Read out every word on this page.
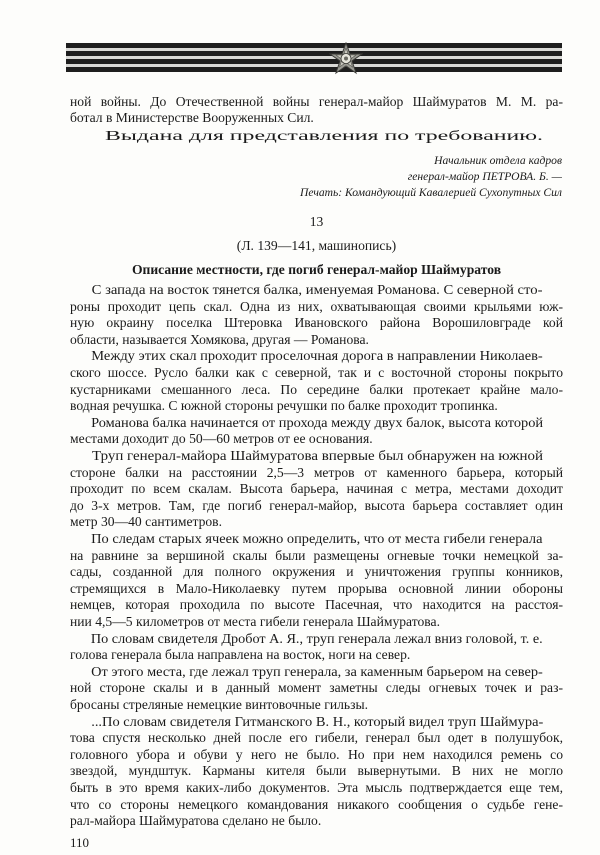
ной войны. До Отечественной войны генерал-майор Шаймуратов М. М. ра-
ботал в Министерстве Вооруженных Сил.
Выдана для представления по требованию.
Начальник отдела кадров
генерал-майор ПЕТРОВА. Б. —
Печать: Командующий Кавалерией Сухопутных Сил
13
(Л. 139—141, машинопись)
Описание местности, где погиб генерал-майор Шаймуратов
С запада на восток тянется балка, именуемая Романова. С северной сто-
роны проходит цепь скал. Одна из них, охватывающая своими крыльями юж-
ную окраину поселка Штеровка Ивановского района Ворошиловграде кой
области, называется Хомякова, другая — Романова.
Между этих скал проходит проселочная дорога в направлении Николаев-
ского шоссе. Русло балки как с северной, так и с восточной стороны покрыто
кустарниками смешанного леса. По середине балки протекает крайне мало-
водная речушка. С южной стороны речушки по балке проходит тропинка.
Романова балка начинается от прохода между двух балок, высота которой
местами доходит до 50—60 метров от ее основания.
Труп генерал-майора Шаймуратова впервые был обнаружен на южной
стороне балки на расстоянии 2,5—3 метров от каменного барьера, который
проходит по всем скалам. Высота барьера, начиная с метра, местами доходит
до 3-х метров. Там, где погиб генерал-майор, высота барьера составляет один
метр 30—40 сантиметров.
По следам старых ячеек можно определить, что от места гибели генерала
на равнине за вершиной скалы были размещены огневые точки немецкой за-
сады, созданной для полного окружения и уничтожения группы конников,
стремящихся в Мало-Николаевку путем прорыва основной линии обороны
немцев, которая проходила по высоте Пасечная, что находится на расстоя-
нии 4,5—5 километров от места гибели генерала Шаймуратова.
По словам свидетеля Дробот А. Я., труп генерала лежал вниз головой, т. е.
голова генерала была направлена на восток, ноги на север.
От этого места, где лежал труп генерала, за каменным барьером на север-
ной стороне скалы и в данный момент заметны следы огневых точек и раз-
бросаны стреляные немецкие винтовочные гильзы.
...По словам свидетеля Гитманского В. Н., который видел труп Шаймура-
това спустя несколько дней после его гибели, генерал был одет в полушубок,
головного убора и обуви у него не было. Но при нем находился ремень со
звездой, мундштук. Карманы кителя были вывернутыми. В них не могло
быть в это время каких-либо документов. Эта мысль подтверждается еще тем,
что со стороны немецкого командования никакого сообщения о судьбе гене-
рал-майора Шаймуратова сделано не было.
110
